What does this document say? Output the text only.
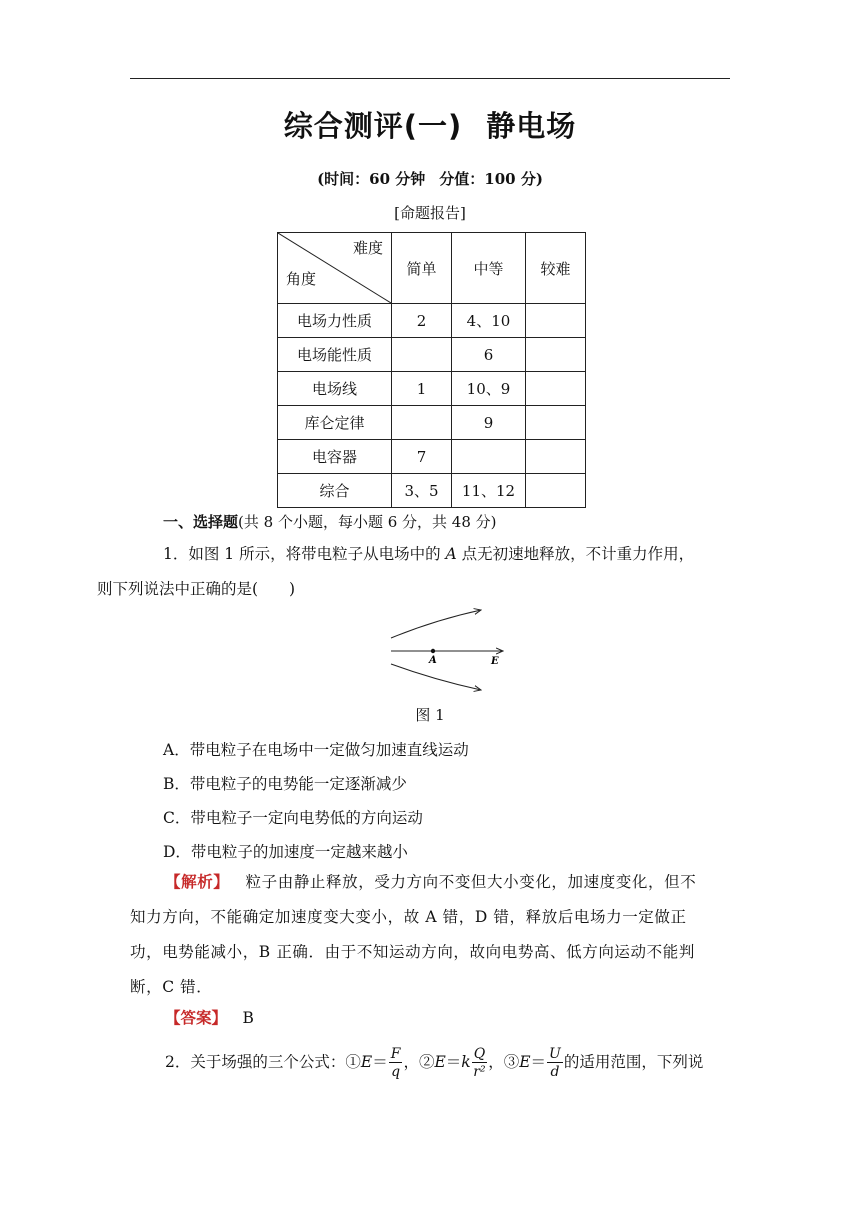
综合测评(一) 静电场
(时间：60 分钟 分值：100 分)
[命题报告]
难度
角度	简单	中等	较难
电场力性质	2	4、10	
电场能性质		6	
电场线	1	10、9	
库仑定律		9	
电容器	7		
综合	3、5	11、12	
一、选择题(共 8 个小题，每小题 6 分，共 48 分)
1．如图 1 所示，将带电粒子从电场中的 A 点无初速地释放，不计重力作用，
则下列说法中正确的是(　　)
A	E
图 1
A．带电粒子在电场中一定做匀加速直线运动
B．带电粒子的电势能一定逐渐减少
C．带电粒子一定向电势低的方向运动
D．带电粒子的加速度一定越来越小
【解析】  粒子由静止释放，受力方向不变但大小变化，加速度变化，但不
知力方向，不能确定加速度变大变小，故 A 错，D 错，释放后电场力一定做正
功，电势能减小，B 正确．由于不知运动方向，故向电势高、低方向运动不能判
断，C 错．
【答案】  B
2．关于场强的三个公式：①E＝ $\frac{F}{q}$ ，②E＝k $\frac{Q}{\text{r²}}$ ，③E＝ $\frac{U}{d}$ 的适用范围，下列说
